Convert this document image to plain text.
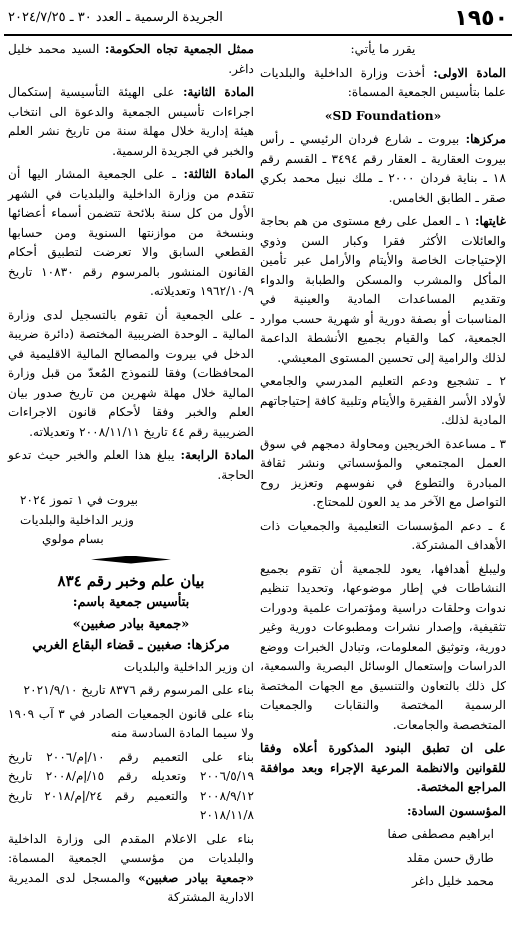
١٩٥٠
الجريدة الرسمية ـ العدد ٣٠ ـ ٢٠٢٤/٧/٢٥

يقرر ما يأتي:

المادة الاولى: أخذت وزارة الداخلية والبلديات علما بتأسيس الجمعية المسماة:

«SD Foundation»

مركزها: بيروت ـ شارع فردان الرئيسي ـ رأس بيروت العقارية ـ العقار رقم ٣٤٩٤ ـ القسم رقم ١٨ ـ بناية فردان ٢٠٠٠ ـ ملك نبيل محمد بكري صقر ـ الطابق الخامس.

غايتها: ١ ـ العمل على رفع مستوى من هم بحاجة والعائلات الأكثر فقرا وكبار السن وذوي الإحتياجات الخاصة والأيتام والأرامل عبر تأمين المأكل والمشرب والمسكن والطبابة والدواء وتقديم المساعدات المادية والعينية في المناسبات أو بصفة دورية أو شهرية حسب موارد الجمعية، كما والقيام بجميع الأنشطة الداعمة لذلك والرامية إلى تحسين المستوى المعيشي.

٢ ـ تشجيع ودعم التعليم المدرسي والجامعي لأولاد الأسر الفقيرة والأيتام وتلبية كافة إحتياجاتهم المادية لذلك.

٣ ـ مساعدة الخريجين ومحاولة دمجهم في سوق العمل المجتمعي والمؤسساتي ونشر ثقافة المبادرة والتطوع في نفوسهم وتعزيز روح التواصل مع الآخر مد يد العون للمحتاج.

٤ ـ دعم المؤسسات التعليمية والجمعيات ذات الأهداف المشتركة.

وليبلغ أهدافها، يعود للجمعية أن تقوم بجميع النشاطات في إطار موضوعها، وتحديدا تنظيم ندوات وحلقات دراسية ومؤتمرات علمية ودورات تثقيفية، وإصدار نشرات ومطبوعات دورية وغير دورية، وتوثيق المعلومات، وتبادل الخبرات ووضع الدراسات وإستعمال الوسائل البصرية والسمعية، كل ذلك بالتعاون والتنسيق مع الجهات المختصة الرسمية المختصة والنقابات والجمعيات المتخصصة والجامعات.

على ان تطبق البنود المذكورة أعلاه وفقا للقوانين والانظمة المرعية الإجراء وبعد موافقة المراجع المختصة.

المؤسسون السادة:

ابراهيم مصطفى صفا

طارق حسن مقلد

محمد خليل داغر

ممثل الجمعية تجاه الحكومة: السيد محمد خليل داغر.

المادة الثانية: على الهيئة التأسيسية إستكمال اجراءات تأسيس الجمعية والدعوة الى انتخاب هيئة إدارية خلال مهلة سنة من تاريخ نشر العلم والخبر في الجريدة الرسمية.

المادة الثالثة: ـ على الجمعية المشار اليها أن تتقدم من وزارة الداخلية والبلديات في الشهر الأول من كل سنة بلائحة تتضمن أسماء أعضائها وبنسخة من موازنتها السنوية ومن حسابها القطعي السابق والا تعرضت لتطبيق أحكام القانون المنشور بالمرسوم رقم ١٠٨٣٠ تاريخ ١٩٦٢/١٠/٩ وتعديلاته.

ـ على الجمعية أن تقوم بالتسجيل لدى وزارة المالية ـ الوحدة الضريبية المختصة (دائرة ضريبة الدخل في بيروت والمصالح المالية الاقليمية في المحافظات) وفقا للنموذج المُعدّ من قبل وزارة المالية خلال مهلة شهرين من تاريخ صدور بيان العلم والخبر وفقا لأحكام قانون الاجراءات الضريبية رقم ٤٤ تاريخ ٢٠٠٨/١١/١١ وتعديلاته.

المادة الرابعة: يبلغ هذا العلم والخبر حيث تدعو الحاجة.

بيروت في ١ تموز ٢٠٢٤

وزير الداخلية والبلديات

بسام مولوي

بيان علم وخبر رقم ٨٣٤

بتأسيس جمعية باسم:

«جمعية بيادر صغبين»

مركزها: صغبين ـ قضاء البقاع الغربي

ان وزير الداخلية والبلديات

بناء على المرسوم رقم ٨٣٧٦ تاريخ ٢٠٢١/٩/١٠

بناء على قانون الجمعيات الصادر في ٣ آب ١٩٠٩ ولا سيما المادة السادسة منه

بناء على التعميم رقم ١٠/إم/٢٠٠٦ تاريخ ٢٠٠٦/٥/١٩ وتعديله رقم ١٥/إم/٢٠٠٨ تاريخ ٢٠٠٨/٩/١٢ والتعميم رقم ٢٤/إم/٢٠١٨ تاريخ ٢٠١٨/١١/٨

بناء على الاعلام المقدم الى وزارة الداخلية والبلديات من مؤسسي الجمعية المسماة: «جمعية بيادر صغبين» والمسجل لدى المديرية الادارية المشتركة
